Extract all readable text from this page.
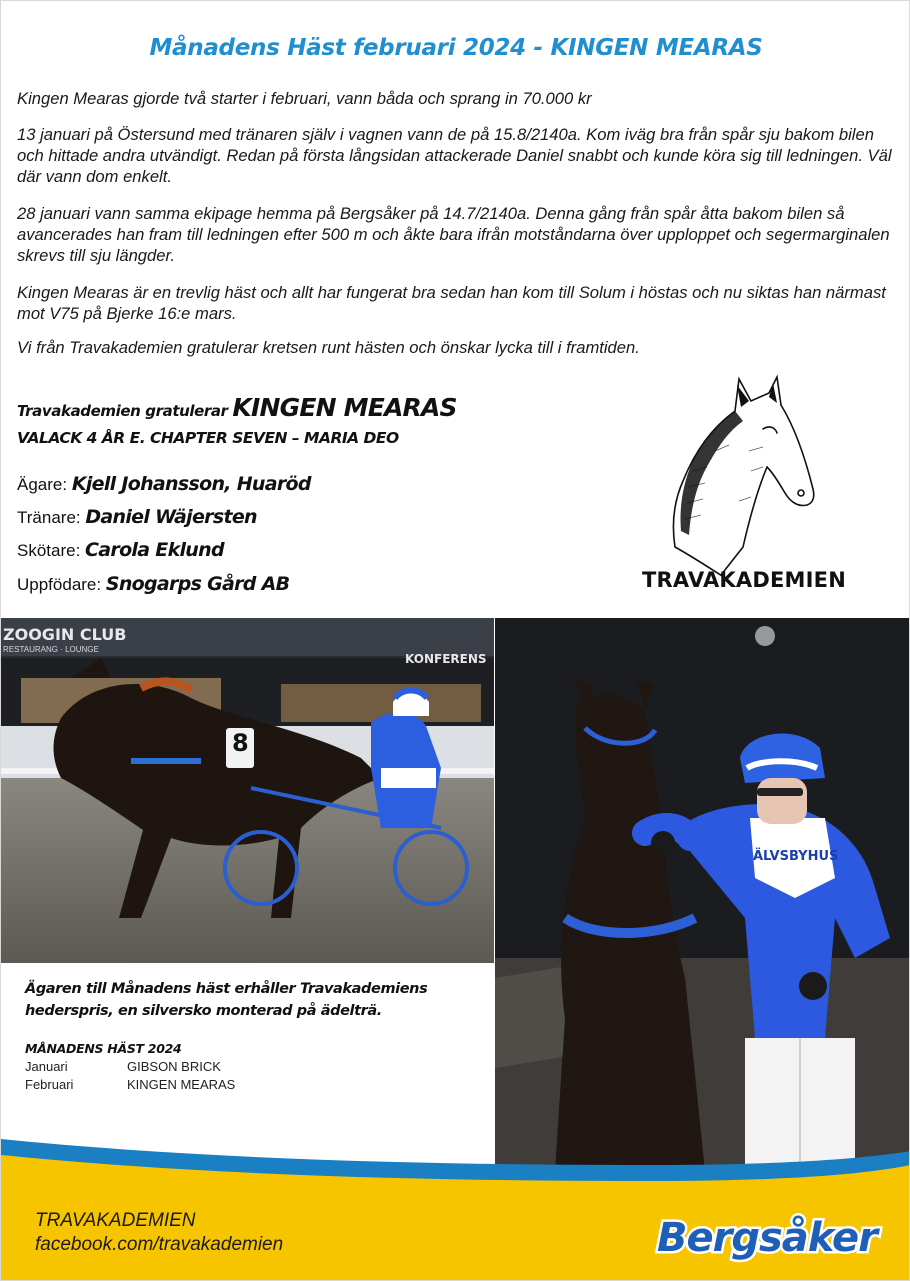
Månadens Häst februari 2024 - KINGEN MEARAS

Kingen Mearas gjorde två starter i februari, vann båda och sprang in 70.000 kr

13 januari på Östersund med tränaren själv i vagnen vann de på 15.8/2140a. Kom iväg bra från spår sju bakom bilen och hittade andra utvändigt. Redan på första långsidan attackerade Daniel snabbt och kunde köra sig till ledningen. Väl där vann dom enkelt.

28 januari vann samma ekipage hemma på Bergsåker på 14.7/2140a. Denna gång från spår åtta bakom bilen så avancerades han fram till ledningen efter 500 m och åkte bara ifrån motståndarna över upploppet och segermarginalen skrevs till sju längder.

Kingen Mearas är en trevlig häst och allt har fungerat bra sedan han kom till Solum i höstas och nu siktas han närmast mot V75 på Bjerke 16:e mars.

Vi från Travakademien gratulerar kretsen runt hästen och önskar lycka till i framtiden.

Travakademien gratulerar KINGEN MEARAS
VALACK 4 ÅR E. CHAPTER SEVEN – MARIA DEO
Ägare: Kjell Johansson, Huaröd
Tränare: Daniel Wäjersten
Skötare: Carola Eklund
Uppfödare: Snogarps Gård AB	TRAVAKADEMIEN
ZOOGIN CLUB
RESTAURANG · LOUNGE
KONFERENS
8
ÄLVSBYHUS
Ägaren till Månadens häst erhåller Travakademiens hederspris, en silversko monterad på ädelträ.
MÅNADENS HÄST 2024
Januari	GIBSON BRICK
Februari	KINGEN MEARAS
TRAVAKADEMIEN
facebook.com/travakademien	Bergsåker
